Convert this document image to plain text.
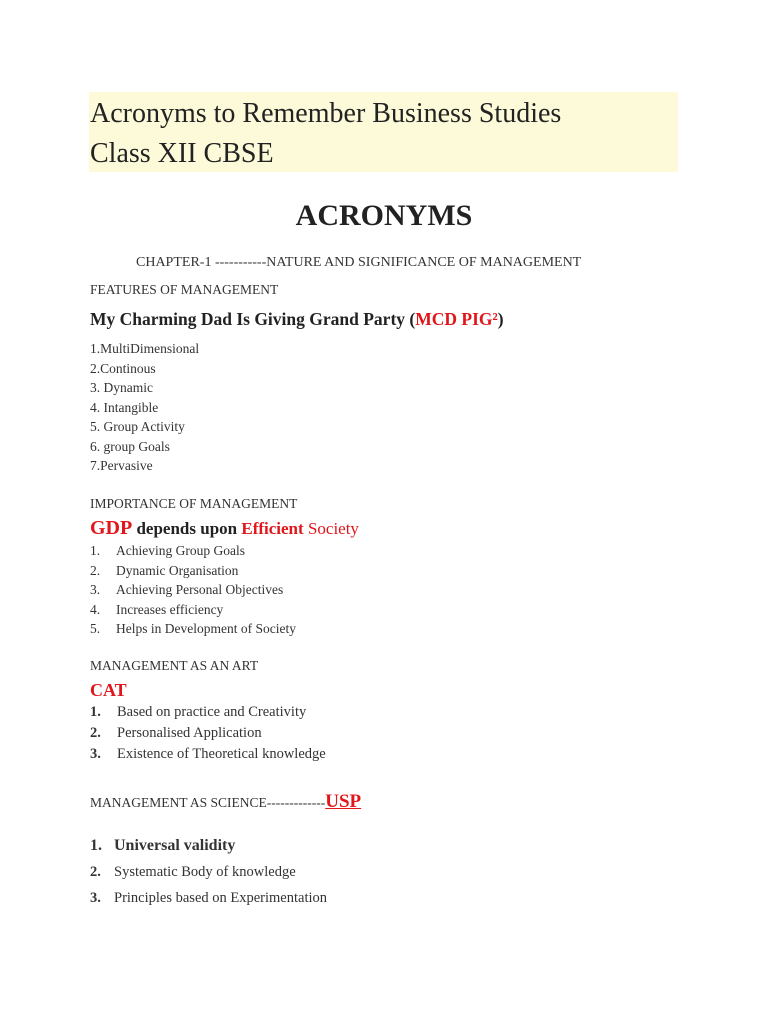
Acronyms to Remember Business Studies
Class XII CBSE
ACRONYMS

CHAPTER-1 -----------NATURE AND SIGNIFICANCE OF MANAGEMENT

FEATURES OF MANAGEMENT

My Charming Dad Is Giving Grand Party (MCD PIG²)

1.MultiDimensional
2.Continous
3. Dynamic
4. Intangible
5. Group Activity
6. group Goals
7.Pervasive

IMPORTANCE OF MANAGEMENT

GDP depends upon Efficient Society

1. Achieving Group Goals
2. Dynamic Organisation
3. Achieving Personal Objectives
4. Increases efficiency
5. Helps in Development of Society

MANAGEMENT AS AN ART

CAT

1. Based on practice and Creativity
2. Personalised Application
3. Existence of Theoretical knowledge

MANAGEMENT AS SCIENCE-------------USP

1. Universal validity
2. Systematic Body of knowledge
3. Principles based on Experimentation
